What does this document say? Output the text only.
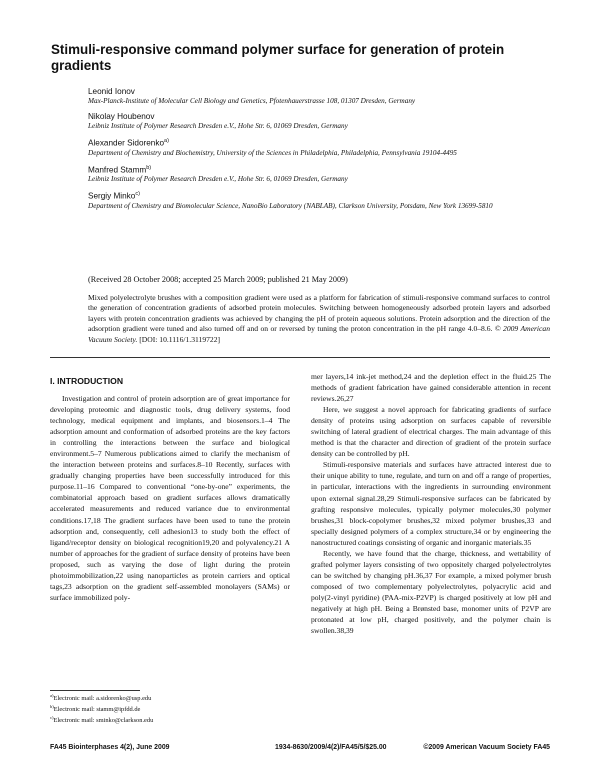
Stimuli-responsive command polymer surface for generation of protein gradients
Leonid Ionov
Max-Planck-Institute of Molecular Cell Biology and Genetics, Pfotenhauerstrasse 108, 01307 Dresden, Germany
Nikolay Houbenov
Leibniz Institute of Polymer Research Dresden e.V., Hohe Str. 6, 01069 Dresden, Germany
Alexander Sidorenko$^{a)}$
Department of Chemistry and Biochemistry, University of the Sciences in Philadelphia, Philadelphia, Pennsylvania 19104-4495
Manfred Stamm$^{b)}$
Leibniz Institute of Polymer Research Dresden e.V., Hohe Str. 6, 01069 Dresden, Germany
Sergiy Minko$^{c)}$
Department of Chemistry and Biomolecular Science, NanoBio Laboratory (NABLAB), Clarkson University, Potsdam, New York 13699-5810
(Received 28 October 2008; accepted 25 March 2009; published 21 May 2009)
Mixed polyelectrolyte brushes with a composition gradient were used as a platform for fabrication of stimuli-responsive command surfaces to control the generation of concentration gradients of adsorbed protein molecules. Switching between homogeneously adsorbed protein layers and adsorbed layers with protein concentration gradients was achieved by changing the pH of protein aqueous solutions. Protein adsorption and the direction of the adsorption gradient were tuned and also turned off and on or reversed by tuning the proton concentration in the pH range 4.0–8.6. © 2009 American Vacuum Society. [DOI: 10.1116/1.3119722]
I. INTRODUCTION

Investigation and control of protein adsorption are of great importance for developing proteomic and diagnostic tools, drug delivery systems, food technology, medical equipment and implants, and biosensors.1–4 The adsorption amount and conformation of adsorbed proteins are the key factors in controlling the interactions between the surface and biological environment.5–7 Numerous publications aimed to clarify the mechanism of the interaction between proteins and surfaces.8–10 Recently, surfaces with gradually changing properties have been successfully introduced for this purpose.11–16 Compared to conventional “one-by-one” experiments, the combinatorial approach based on gradient surfaces allows dramatically accelerated measurements and reduced variance due to environmental conditions.17,18 The gradient surfaces have been used to tune the protein adsorption and, consequently, cell adhesion13 to study both the effect of ligand/receptor density on biological recognition19,20 and polyvalency.21 A number of approaches for the gradient of surface density of proteins have been proposed, such as varying the dose of light during the protein photoimmobilization,22 using nanoparticles as protein carriers and optical tags,23 adsorption on the gradient self-assembled monolayers (SAMs) or surface immobilized poly-

mer layers,14 ink-jet method,24 and the depletion effect in the fluid.25 The methods of gradient fabrication have gained considerable attention in recent reviews.26,27

Here, we suggest a novel approach for fabricating gradients of surface density of proteins using adsorption on surfaces capable of reversible switching of lateral gradient of electrical charges. The main advantage of this method is that the character and direction of gradient of the protein surface density can be controlled by pH.

Stimuli-responsive materials and surfaces have attracted interest due to their unique ability to tune, regulate, and turn on and off a range of properties, in particular, interactions with the ingredients in surrounding environment upon external signal.28,29 Stimuli-responsive surfaces can be fabricated by grafting responsive molecules, typically polymer molecules,30 polymer brushes,31 block-copolymer brushes,32 mixed polymer brushes,33 and specially designed polymers of a complex structure,34 or by engineering the nanostructured coatings consisting of organic and inorganic materials.35

Recently, we have found that the charge, thickness, and wettability of grafted polymer layers consisting of two oppositely charged polyelectrolytes can be switched by changing pH.36,37 For example, a mixed polymer brush composed of two complementary polyelectrolytes, polyacrylic acid and poly(2-vinyl pyridine) (PAA-mix-P2VP) is charged positively at low pH and negatively at high pH. Being a Brønsted base, monomer units of P2VP are protonated at low pH, charged positively, and the polymer chain is swollen.38,39

$^{a)}$Electronic mail: a.sidorenko@usp.edu
$^{b)}$Electronic mail: stamm@ipfdd.de
$^{c)}$Electronic mail: sminko@clarkson.edu
FA45 Biointerphases 4(2), June 2009	1934-8630/2009/4(2)/FA45/5/$25.00	©2009 American Vacuum Society FA45
